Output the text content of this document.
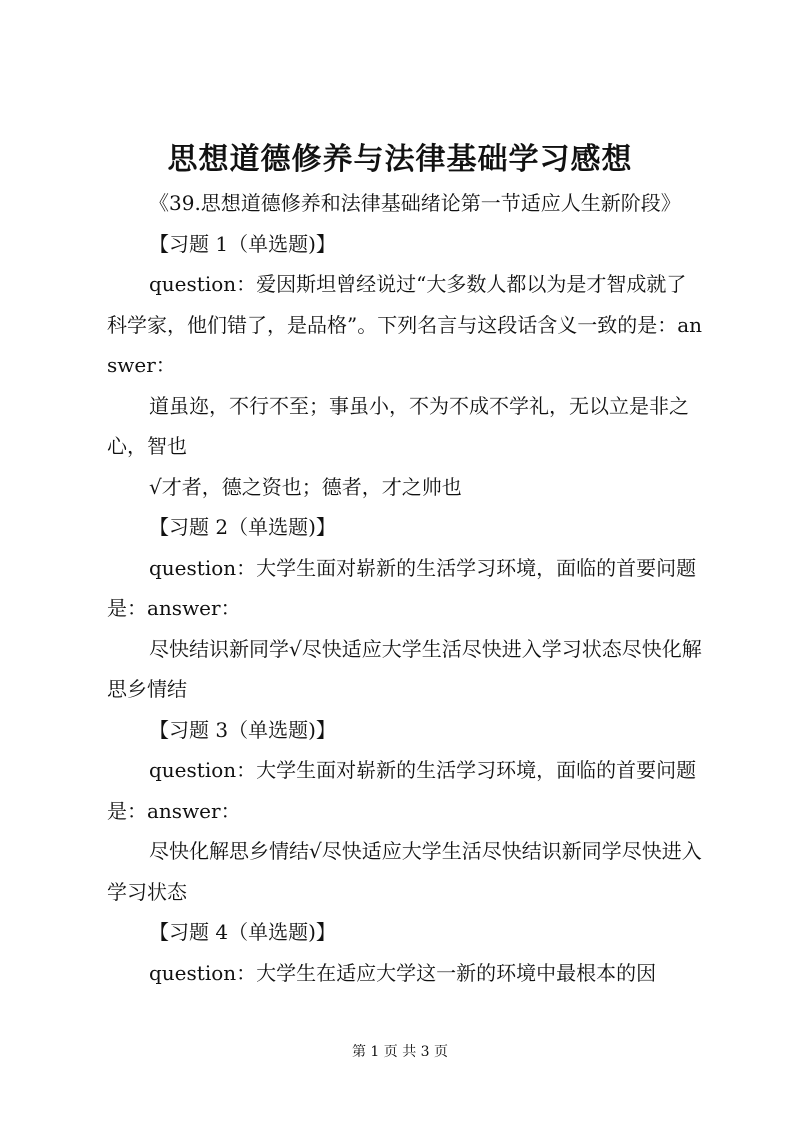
思想道德修养与法律基础学习感想

《39.思想道德修养和法律基础绪论第一节适应人生新阶段》

【习题 1（单选题)】

question：爱因斯坦曾经说过“大多数人都以为是才智成就了科学家，他们错了，是品格”。下列名言与这段话含义一致的是：answer：

道虽迩，不行不至；事虽小，不为不成不学礼，无以立是非之心，智也

√才者，德之资也；德者，才之帅也

【习题 2（单选题)】

question：大学生面对崭新的生活学习环境，面临的首要问题是：answer：

尽快结识新同学√尽快适应大学生活尽快进入学习状态尽快化解思乡情结

【习题 3（单选题)】

question：大学生面对崭新的生活学习环境，面临的首要问题是：answer：

尽快化解思乡情结√尽快适应大学生活尽快结识新同学尽快进入学习状态

【习题 4（单选题)】

question：大学生在适应大学这一新的环境中最根本的因

第 1 页 共 3 页
